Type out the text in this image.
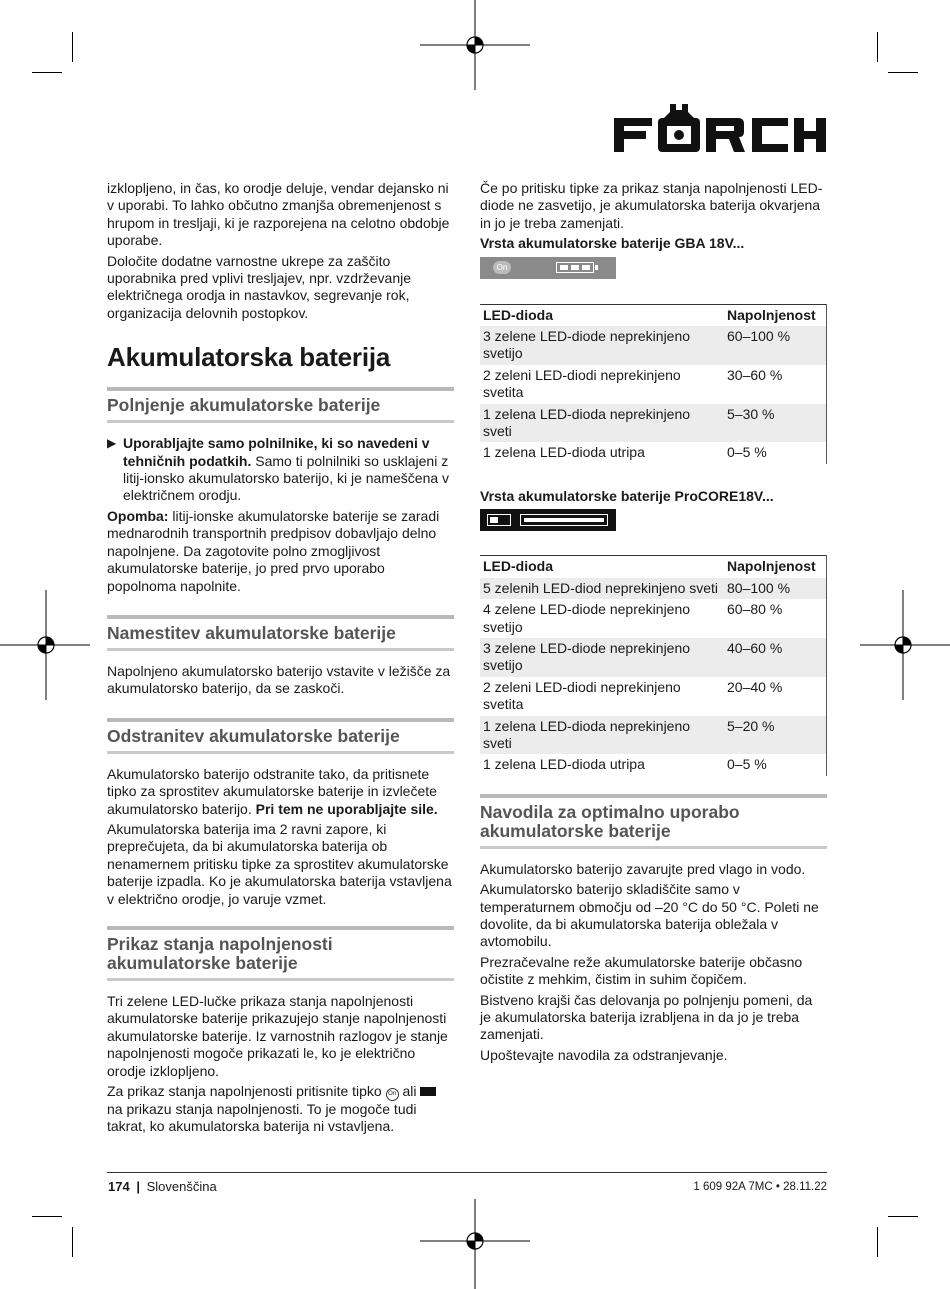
izklopljeno, in čas, ko orodje deluje, vendar dejansko ni v uporabi. To lahko občutno zmanjša obremenjenost s hrupom in tresljaji, ki je razporejena na celotno obdobje uporabe.

Določite dodatne varnostne ukrepe za zaščito uporabnika pred vplivi tresljajev, npr. vzdrževanje električnega orodja in nastavkov, segrevanje rok, organizacija delovnih postopkov.

Akumulatorska baterija
Polnjenje akumulatorske baterije

▶ Uporabljajte samo polnilnike, ki so navedeni v tehničnih podatkih. Samo ti polnilniki so usklajeni z litij-ionsko akumulatorsko baterijo, ki je nameščena v električnem orodju.

Opomba: litij-ionske akumulatorske baterije se zaradi mednarodnih transportnih predpisov dobavljajo delno napolnjene. Da zagotovite polno zmogljivost akumulatorske baterije, jo pred prvo uporabo popolnoma napolnite.

Namestitev akumulatorske baterije

Napolnjeno akumulatorsko baterijo vstavite v ležišče za akumulatorsko baterijo, da se zaskoči.

Odstranitev akumulatorske baterije

Akumulatorsko baterijo odstranite tako, da pritisnete tipko za sprostitev akumulatorske baterije in izvlečete akumulatorsko baterijo. Pri tem ne uporabljajte sile.

Akumulatorska baterija ima 2 ravni zapore, ki preprečujeta, da bi akumulatorska baterija ob nenamernem pritisku tipke za sprostitev akumulatorske baterije izpadla. Ko je akumulatorska baterija vstavljena v električno orodje, jo varuje vzmet.

Prikaz stanja napolnjenosti
akumulatorske baterije

Tri zelene LED-lučke prikaza stanja napolnjenosti akumulatorske baterije prikazujejo stanje napolnjenosti akumulatorske baterije. Iz varnostnih razlogov je stanje napolnjenosti mogoče prikazati le, ko je električno orodje izklopljeno.

Za prikaz stanja napolnjenosti pritisnite tipko On ali  na prikazu stanja napolnjenosti. To je mogoče tudi takrat, ko akumulatorska baterija ni vstavljena.

Če po pritisku tipke za prikaz stanja napolnjenosti LED-diode ne zasvetijo, je akumulatorska baterija okvarjena in jo je treba zamenjati.

Vrsta akumulatorske baterije GBA 18V...

On
LED-dioda	Napolnjenost
3 zelene LED-diode neprekinjeno svetijo	60–100 %
2 zeleni LED-diodi neprekinjeno svetita	30–60 %
1 zelena LED-dioda neprekinjeno sveti	5–30 %
1 zelena LED-dioda utripa	0–5 %

Vrsta akumulatorske baterije ProCORE18V...

LED-dioda	Napolnjenost
5 zelenih LED-diod neprekinjeno sveti	80–100 %
4 zelene LED-diode neprekinjeno svetijo	60–80 %
3 zelene LED-diode neprekinjeno svetijo	40–60 %
2 zeleni LED-diodi neprekinjeno svetita	20–40 %
1 zelena LED-dioda neprekinjeno sveti	5–20 %
1 zelena LED-dioda utripa	0–5 %
Navodila za optimalno uporabo
akumulatorske baterije

Akumulatorsko baterijo zavarujte pred vlago in vodo.

Akumulatorsko baterijo skladiščite samo v temperaturnem območju od –20 °C do 50 °C. Poleti ne dovolite, da bi akumulatorska baterija obležala v avtomobilu.

Prezračevalne reže akumulatorske baterije občasno očistite z mehkim, čistim in suhim čopičem.

Bistveno krajši čas delovanja po polnjenju pomeni, da je akumulatorska baterija izrabljena in da jo je treba zamenjati.

Upoštevajte navodila za odstranjevanje.

174 | Slovenščina	1 609 92A 7MC • 28.11.22
